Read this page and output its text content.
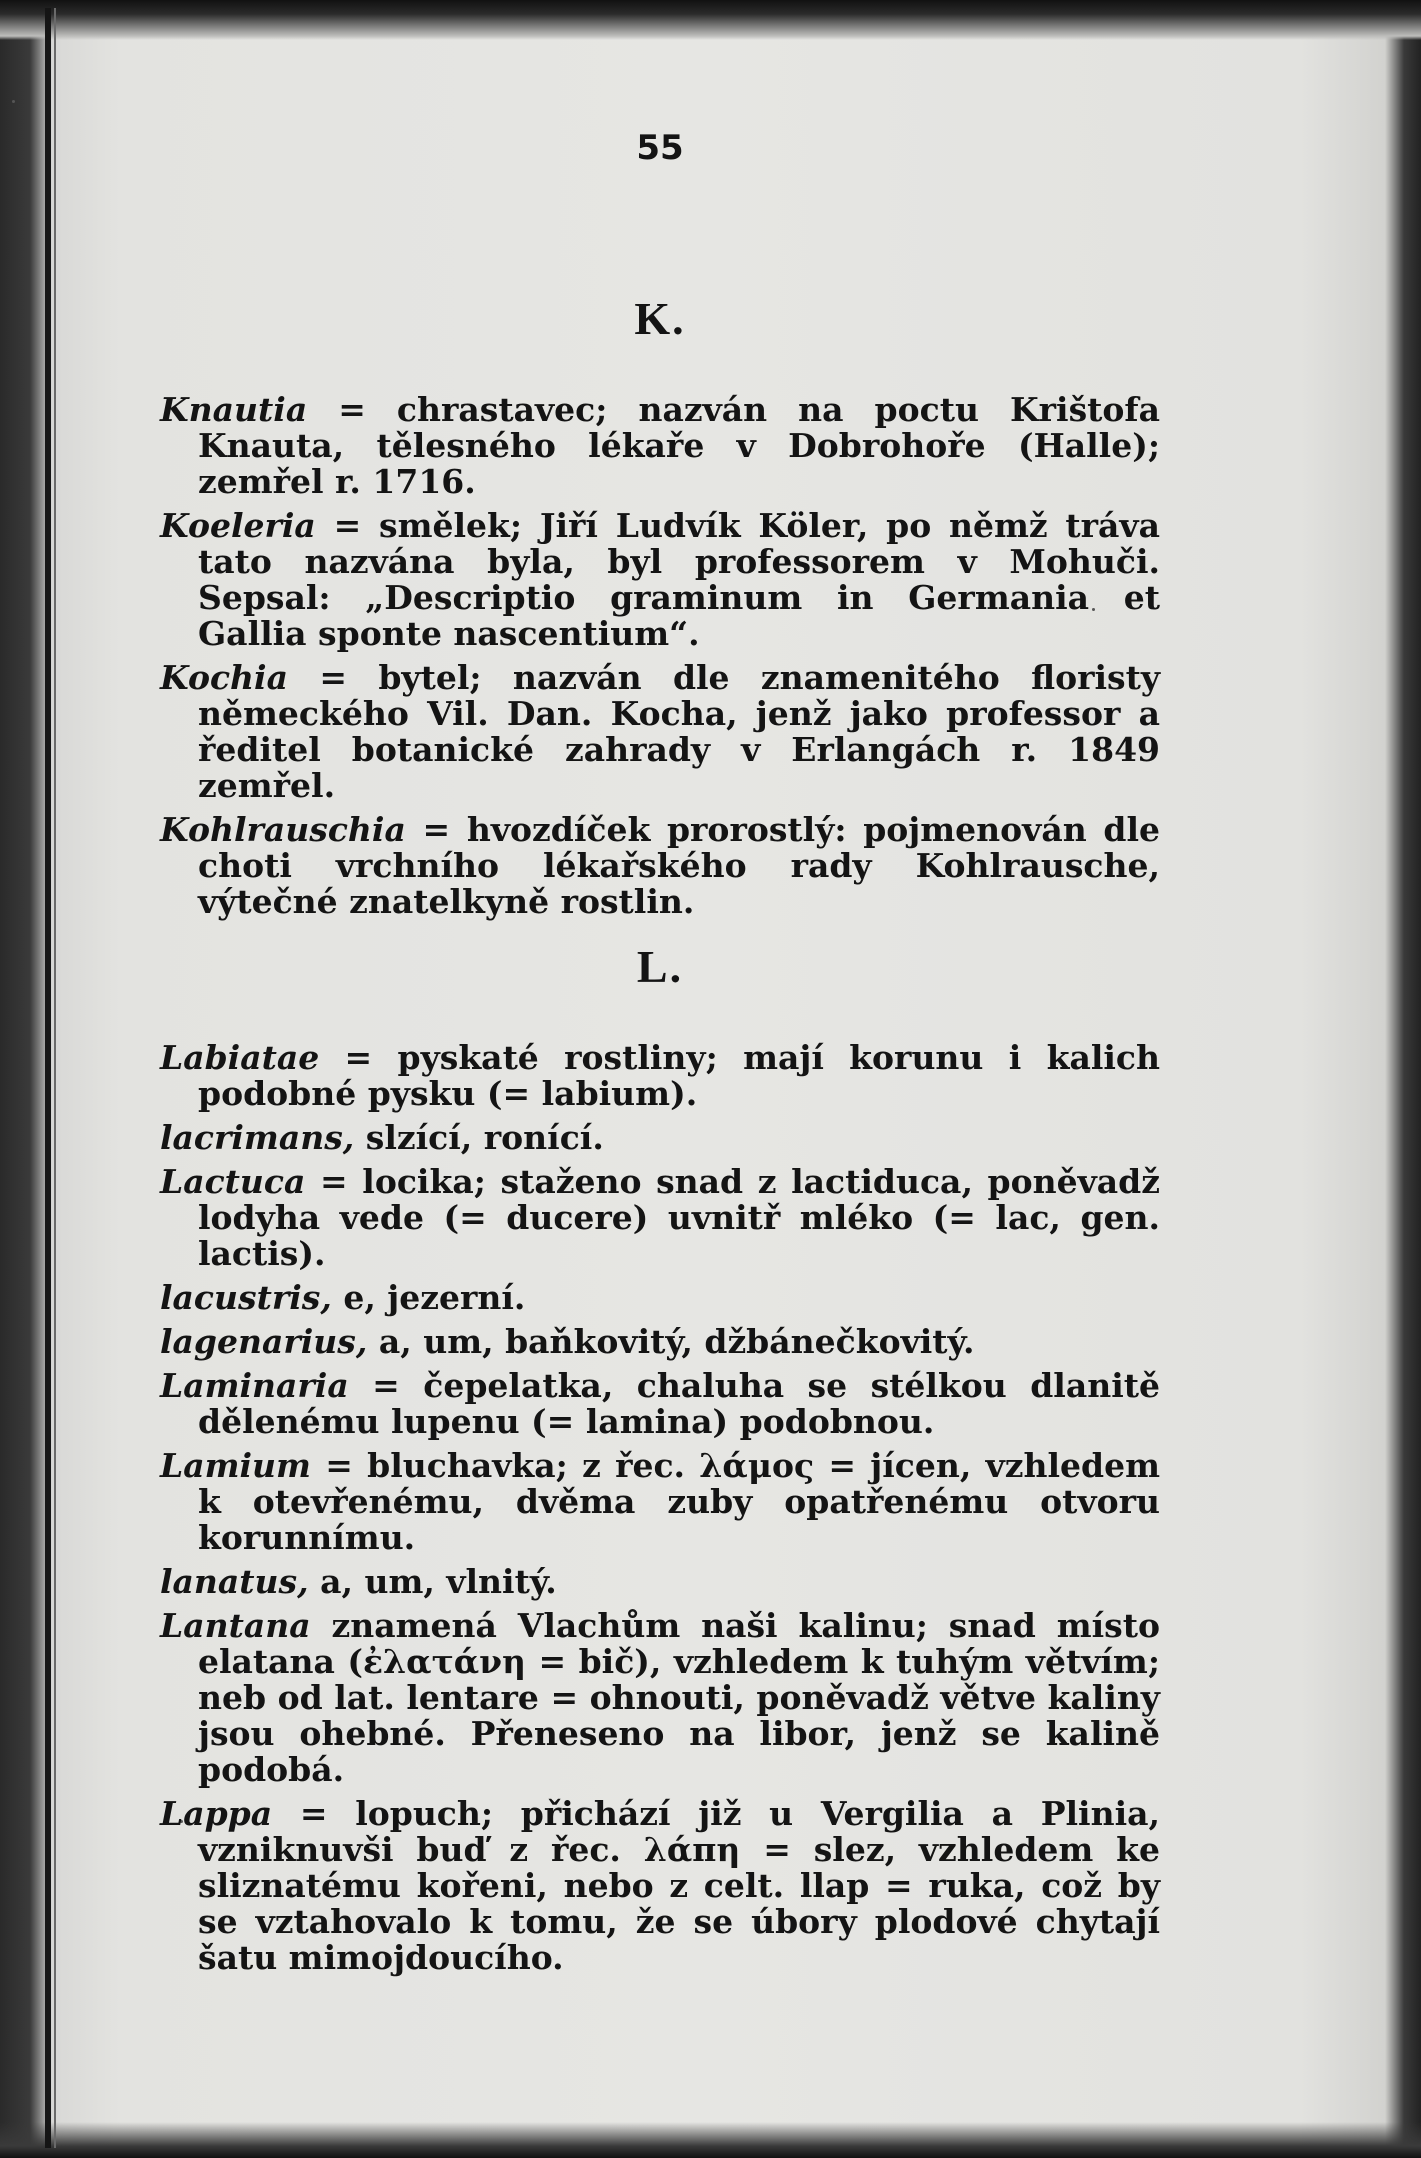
55
K.

Knautia = chrastavec; nazván na poctu Krištofa Knauta, tělesného lékaře v Dobrohoře (Halle); zemřel r. 1716.

Koeleria = smělek; Jiří Ludvík Köler, po němž tráva tato nazvána byla, byl professorem v Mohuči. Sepsal: „Descriptio graminum in Germania et Gallia sponte nascentium“.

Kochia = bytel; nazván dle znamenitého floristy německého Vil. Dan. Kocha, jenž jako professor a ředitel botanické zahrady v Erlangách r. 1849 zemřel.

Kohlrauschia = hvozdíček prorostlý: pojmenován dle choti vrchního lékařského rady Kohlrausche, výtečné znatelkyně rostlin.

L.

Labiatae = pyskaté rostliny; mají korunu i kalich podobné pysku (= labium).

lacrimans, slzící, ronící.

Lactuca = locika; staženo snad z lactiduca, poněvadž lodyha vede (= ducere) uvnitř mléko (= lac, gen. lactis).

lacustris, e, jezerní.

lagenarius, a, um, baňkovitý, džbánečkovitý.

Laminaria = čepelatka, chaluha se stélkou dlanitě dělenému lupenu (= lamina) podobnou.

Lamium = bluchavka; z řec. λάμος = jícen, vzhledem k otevřenému, dvěma zuby opatřenému otvoru korunnímu.

lanatus, a, um, vlnitý.

Lantana znamená Vlachům naši kalinu; snad místo elatana (ἐλατάνη = bič), vzhledem k tuhým větvím; neb od lat. lentare = ohnouti, poněvadž větve kaliny jsou ohebné. Přeneseno na libor, jenž se kalině podobá.

Lappa = lopuch; přichází již u Vergilia a Plinia, vzniknuvši buď z řec. λάπη = slez, vzhledem ke sliznatému kořeni, nebo z celt. llap = ruka, což by se vztahovalo k tomu, že se úbory plodové chytají šatu mimojdoucího.
